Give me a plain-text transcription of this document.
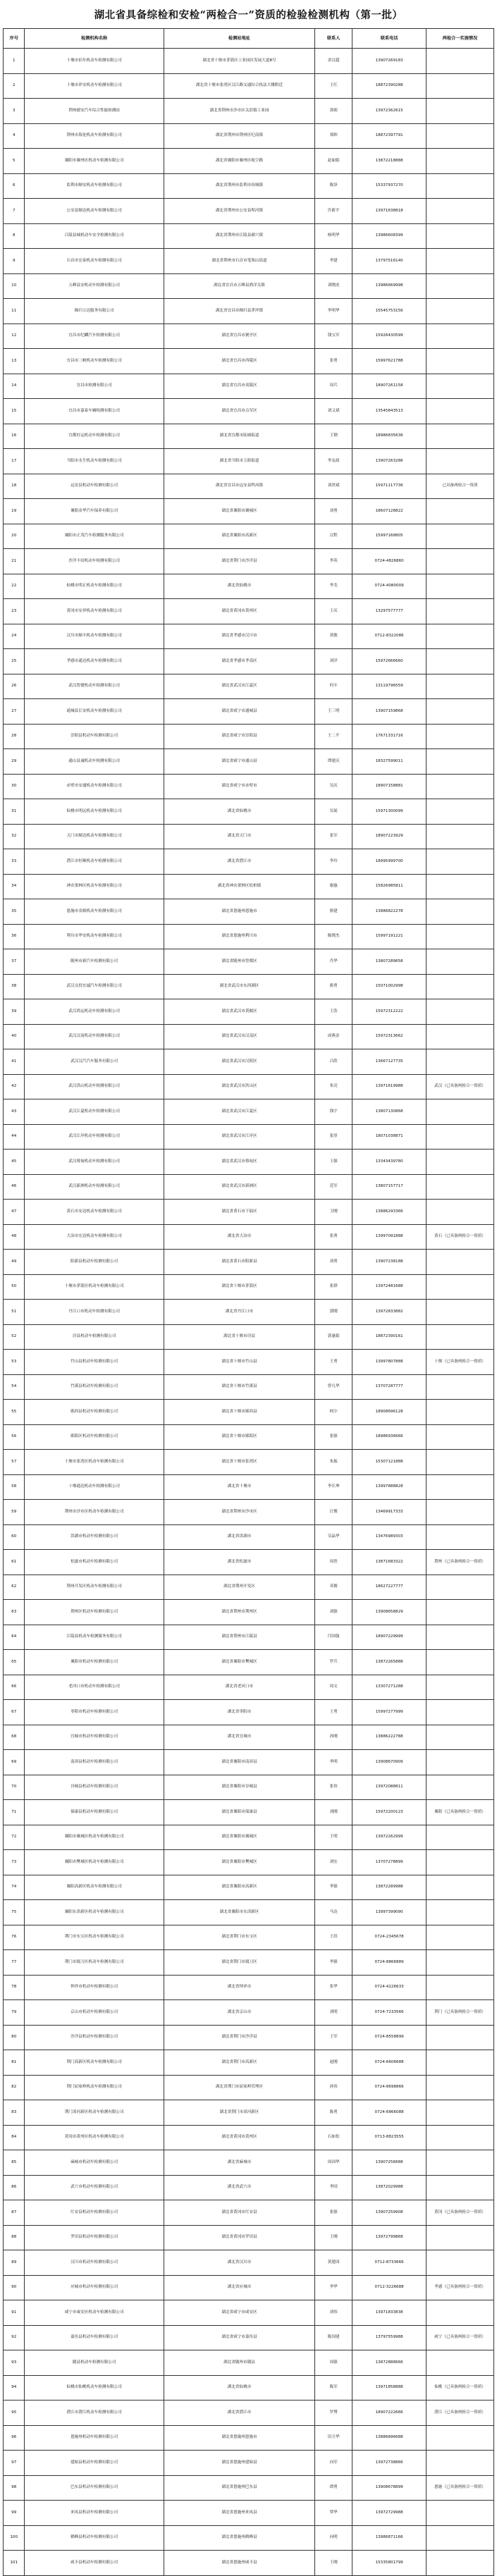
湖北省具备综检和安检“两检合一”资质的检验检测机构（第一批）
序号	检测机构名称	检测站地址	联系人	联系电话	两检合一实施情况
1	十堰市佰年机动车检测有限公司	湖北省十堰市茅箭区工业园区发展大道8号	余汉超	13907269183	
2	十堰市祥安机动车检测有限公司	湖北省十堰市张湾区汉江路交通综合执法大楼附近	王红	18872390288	
3	荆州捷安汽车综合性能检测站	湖北省荆州市沙市区关沮镇工业园	黄勋	13972362615	
4	荆州市海伦机动车检测有限公司	湖北省荆州市荆州区纪南镇	郑帅	18872397791	
5	襄阳市襄州区机动车检测有限公司	湖北省襄阳市襄州区航空路	赵丽娟	13872218888	
6	监利市顺安机动车检测有限公司	湖北省荆州市监利市容城镇	陈泽	15337937270	
7	公安县顺达机动车检测有限公司	湖北省荆州市公安县埠河镇	许新平	13971638818	
8	江陵县城机动车安全检测有限公司	湖北省荆州市江陵县郝穴镇	杨明华	13986608399	
9	石首市宏泰机动车检测有限公司	湖北省荆州市石首市笔架山街道	李建	13797516140	
10	五峰县安机动车检测有限公司	湖北省宜昌市五峰县渔洋关镇	刘晓虎	13986669998	
11	秭归万达服务有限公司	湖北省宜昌市秭归县茅坪镇	李明华	15545753156	
12	宜昌市纪麟汽车检测有限公司	湖北省宜昌市猇亭区	钱宝军	15926430599	
13	宜昌市三峡机动车检测有限公司	湖北省宜昌市西陵区	张勇	15997621788	
14	宜昌市检测有限公司	湖北省宜昌市夷陵区	周兵	18907261158	
15	宜昌市嘉泰车辆检测有限公司	湖北省宜昌市点军区	刘义斌	13545843513	
16	宜都好运机动车检测有限公司	湖北省宜都市陆城街道	王钢	18986835636	
17	当阳市永生机动车检测有限公司	湖北省当阳市玉阳街道	李友政	13907263286	
18	远安县机动车检测有限公司	湖北省宜昌市远安县鸣凤镇	刘贵斌	15971117736	已具备两检合一资质
19	襄阳金华汽车保养有限公司	湖北省襄阳市襄城区	刘勇	18607128822	
20	襄阳市正茂汽车检测服务有限公司	湖北省襄阳市高新区	汉程	15997168805	
21	沙洋丰田机动车检测有限公司	湖北省荆门市沙洋县	李英	0724-4826860	
22	仙桃市明正机动车检测有限公司	湖北省仙桃市	李戈	0724-4080009	
23	黄冈市安祥机动车检测有限公司	湖北省黄冈市黄州区	王庆	13297577777	
24	汉川市顺丰机动车检测有限公司	湖北省孝感市汉川市	黄敏	0712-8322086	
25	孝感市通达机动车检测有限公司	湖北省孝感市孝南区	刘洋	15972666660	
26	武汉智捷机动车检测有限公司	湖北省武汉市江夏区	何丰	13119796559	
27	通城县长安机动车检测有限公司	湖北省咸宁市通城县	王三明	13907159868	
28	崇阳县机动车检测有限公司	湖北省咸宁市崇阳县	王二平	17671331716	
29	通山县诚机动车检测有限公司	湖北省咸宁市通山县	谭建庆	18327599011	
30	赤壁市安通机动车检测有限公司	湖北省咸宁市赤壁市	吴庆	18907158881	
31	仙桃市明远机动车检测有限公司	湖北省仙桃市	吴瑶	15971300099	
32	天门市顺达机动车检测有限公司	湖北省天门市	张军	18907223929	
33	潜江市恒顺机动车检测有限公司	湖北省潜江市	李玲	18995999700	
34	神农架林区机动车检测有限公司	湖北省神农架林区松柏镇	谢惠	15826985811	
35	恩施市金源机动车检测有限公司	湖北省恩施州恩施市	熊建	13886822278	
36	利川市华安机动车检测有限公司	湖北省恩施州利川市	陈晓杰	15997191221	
37	随州市新汽车检测有限公司	湖北省随州市曾都区	肖华	13807289658	
38	武汉交投宏诚汽车检测有限公司	湖北省武汉市东西湖区	熊勇	15071002998	
39	武汉鸿运机动车检测有限公司	湖北省武汉市黄陂区	王浩	15972312222	
40	武汉汉南机动车检测有限公司	湖北省武汉市汉南区	成燕金	15972313662	
41	武汉汉汽汽车服务有限公司	湖北省武汉市汉阳区	吕欣	13667127735	
42	武汉洪山机动车检测有限公司	湖北省武汉市洪山区	朱亮	13971619988	武汉（已具备两检合一资质）
43	武汉江夏机动车检测有限公司	湖北省武汉市江夏区	钱宇	13807130868	
44	武汉江岸机动车检测有限公司	湖北省武汉市江岸区	张厚	18071038871	
45	武汉蔡甸机动车检测有限公司	湖北省武汉市蔡甸区	王强	13343439780	
46	武汉新洲机动车检测有限公司	湖北省武汉市新洲区	范军	13807157717	
47	黄石市安达机动车检测有限公司	湖北省黄石市下陆区	卫刚	13886293366	
48	大冶市宏达机动车检测有限公司	湖北省大冶市	张勇	13997091888	黄石（已具备两检合一资质）
49	阳新县机动车检测有限公司	湖北省黄石市阳新县	刘勇	13907238188	
50	十堰市茅箭区机动车检测有限公司	湖北省十堰市茅箭区	张群	13972481688	
51	丹江口市机动车检测有限公司	湖北省丹江口市	郭刚	13972833882	
52	房县机动车检测有限公司	湖北省十堰市房县	郭惠娟	18872390161	
53	竹山县机动车检测有限公司	湖北省十堰市竹山县	王勇	13997807888	十堰（已具备两检合一资质）
54	竹溪县机动车检测有限公司	湖北省十堰市竹溪县	曾凡华	13707287777	
55	郧西县机动车检测有限公司	湖北省十堰市郧西县	柯少	18908696128	
56	郧阳区机动车检测有限公司	湖北省十堰市郧阳区	张强	18986936666	
57	十堰市张湾区机动车检测有限公司	湖北省十堰市张湾区	朱振	15307121888	
58	十堰通达机动车检测有限公司	湖北省十堰市	李长坤	13997888828	
59	荆州市沙市区机动车检测有限公司	湖北省荆州市沙市区	汪俊	13469917333	
60	洪湖市机动车检测有限公司	湖北省洪湖市	吴晶华	13476989303	
61	松滋市机动车检测有限公司	湖北省松滋市	周贵	13871683322	荆州（已具备两检合一资质）
62	荆州开发区机动车检测有限公司	湖北省荆州开发区	邓俊	18627227777	
63	荆州区机动车检测有限公司	湖北省荆州市荆州区	刘强	13908658829	
64	江陵县机动车检测服务有限公司	湖北省荆州市江陵县	闫国强	18907229999	
65	襄阳市机动车检测有限公司	湖北省襄阳市樊城区	罗兵	13872265888	
66	老河口市机动车检测有限公司	湖北省老河口市	周文	13307271288	
67	枣阳市机动车检测有限公司	湖北省枣阳市	王勇	15997277999	
68	宜城市机动车检测有限公司	湖北省宜城市	孙刚	13886222788	
69	南漳县机动车检测有限公司	湖北省襄阳市南漳县	李明	13908670909	
70	谷城县机动车检测有限公司	湖北省襄阳市谷城县	张伟	13972088811	
71	保康县机动车检测有限公司	湖北省襄阳市保康县	刘刚	15972200123	襄阳（已具备两检合一资质）
72	襄阳市襄城区机动车检测有限公司	湖北省襄阳市襄城区	王明	13972262999	
73	襄阳市樊城区机动车检测有限公司	湖北省襄阳市樊城区	刘宏	13707278899	
74	襄阳高新区机动车检测有限公司	湖北省襄阳市高新区	李强	13872289988	
75	襄阳东津新区机动车检测有限公司	湖北省襄阳市东津新区	马达	13997399090	
76	荆门市东宝区机动车检测有限公司	湖北省荆门市东宝区	王洪	0724-2345678	
77	荆门市掇刀区机动车检测有限公司	湖北省荆门市掇刀区	李强	0724-8866889	
78	钟祥市机动车检测有限公司	湖北省钟祥市	张华	0724-4226633	
79	京山市机动车检测有限公司	湖北省京山市	刘明	0724-7233566	荆门（已具备两检合一资质）
80	沙洋县机动车检测有限公司	湖北省荆门市沙洋县	王军	0724-8558899	
81	荆门高新区机动车检测有限公司	湖北省荆门市高新区	赵刚	0724-6606688	
82	荆门屈家岭机动车检测有限公司	湖北省荆门市屈家岭管理区	孙伟	0724-8698866	
83	荆门漳河新区机动车检测有限公司	湖北省荆门市漳河新区	陈勇	0724-6866088	
84	黄冈市黄州区机动车检测有限公司	湖北省黄冈市黄州区	石如松	0713-8823555	
85	麻城市机动车检测有限公司	湖北省麻城市	周国华	13907256688	
86	武穴市机动车检测有限公司	湖北省武穴市	李国	13872029988	
87	红安县机动车检测有限公司	湖北省黄冈市红安县	张强	13907259908	黄冈（已具备两检合一资质）
88	罗田县机动车检测有限公司	湖北省黄冈市罗田县	王刚	13972799868	
89	汉川市机动车检测有限公司	湖北省汉川市	黄建国	0712-8733666	
90	应城市机动车检测有限公司	湖北省应城市	李华	0712-3226688	孝感（已具备两检合一资质）
91	咸宁市咸安区机动车检测有限公司	湖北省咸宁市咸安区	刘伟	13971833838	
92	嘉鱼县机动车检测有限公司	湖北省咸宁市嘉鱼县	陈国建	13797559988	咸宁（已具备两检合一资质）
93	随县机动车检测有限公司	湖北省随州市随县	周强	13872888666	
94	仙桃市仙桃机动车检测有限公司	湖北省仙桃市	陈军	13971858888	仙桃（已具备两检合一资质）
95	潜江市潜江机动车检测有限公司	湖北省潜江市	罗博	18907222666	潜江（已具备两检合一资质）
96	恩施州机动车检测有限公司	湖北省恩施州恩施市	田卫华	13886896688	
97	建始县机动车检测有限公司	湖北省恩施州建始县	向军	13972738866	
98	巴东县机动车检测有限公司	湖北省恩施州巴东县	谭勇	13908678899	恩施（已具备两检合一资质）
99	来凤县机动车检测有限公司	湖北省恩施州来凤县	覃华	13972729988	
100	鹤峰县机动车检测有限公司	湖北省恩施州鹤峰县	向明	13986871166	
101	咸丰县机动车检测有限公司	湖北省恩施州咸丰县	王刚	15335801799	
